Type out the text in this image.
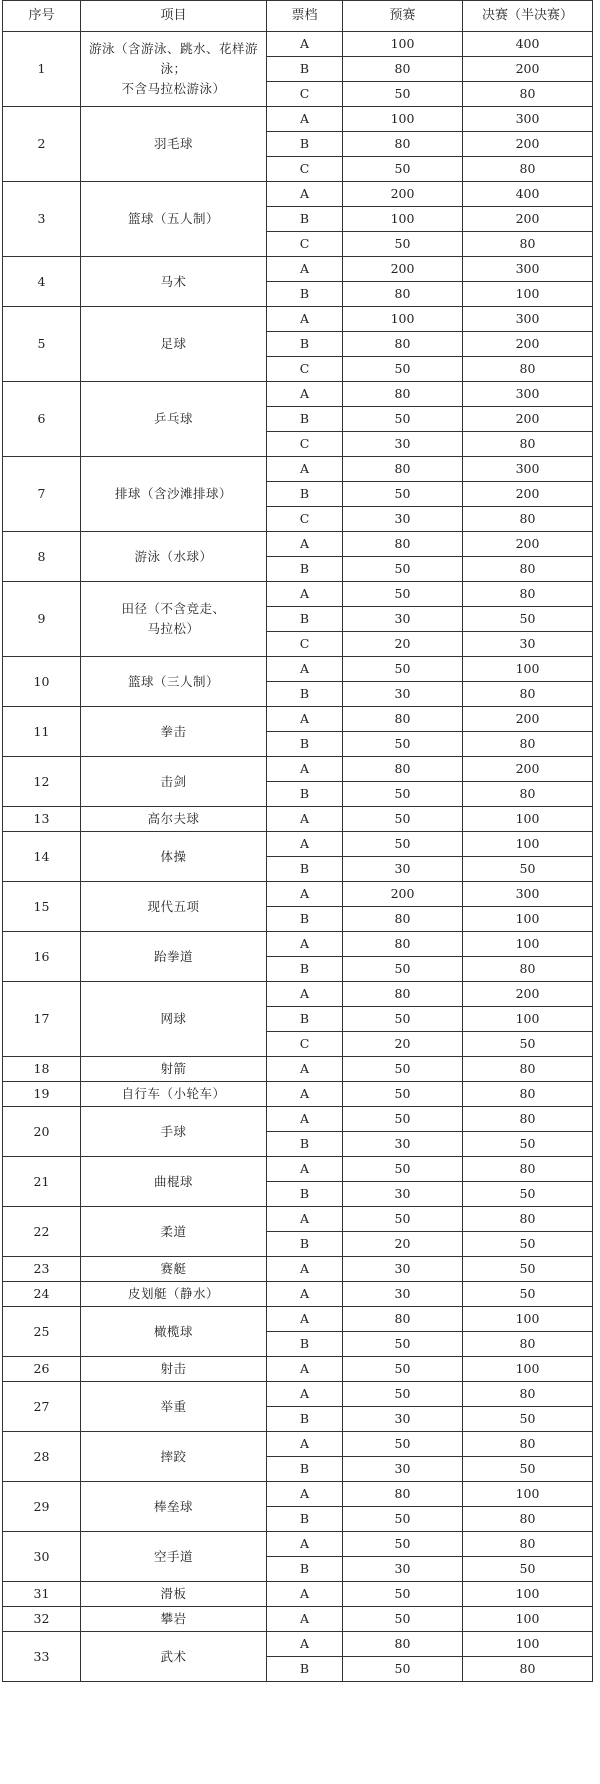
序号	项目	票档	预赛	决赛（半决赛）
1	游泳（含游泳、跳水、花样游泳；
不含马拉松游泳）	A	100	400
		B	80	200
		C	50	80
2	羽毛球	A	100	300
		B	80	200
		C	50	80
3	篮球（五人制）	A	200	400
		B	100	200
		C	50	80
4	马术	A	200	300
		B	80	100
5	足球	A	100	300
		B	80	200
		C	50	80
6	乒乓球	A	80	300
		B	50	200
		C	30	80
7	排球（含沙滩排球）	A	80	300
		B	50	200
		C	30	80
8	游泳（水球）	A	80	200
		B	50	80
9	田径（不含竞走、
马拉松）	A	50	80
		B	30	50
		C	20	30
10	篮球（三人制）	A	50	100
		B	30	80
11	拳击	A	80	200
		B	50	80
12	击剑	A	80	200
		B	50	80
13	高尔夫球	A	50	100
14	体操	A	50	100
		B	30	50
15	现代五项	A	200	300
		B	80	100
16	跆拳道	A	80	100
		B	50	80
17	网球	A	80	200
		B	50	100
		C	20	50
18	射箭	A	50	80
19	自行车（小轮车）	A	50	80
20	手球	A	50	80
		B	30	50
21	曲棍球	A	50	80
		B	30	50
22	柔道	A	50	80
		B	20	50
23	赛艇	A	30	50
24	皮划艇（静水）	A	30	50
25	橄榄球	A	80	100
		B	50	80
26	射击	A	50	100
27	举重	A	50	80
		B	30	50
28	摔跤	A	50	80
		B	30	50
29	棒垒球	A	80	100
		B	50	80
30	空手道	A	50	80
		B	30	50
31	滑板	A	50	100
32	攀岩	A	50	100
33	武术	A	80	100
		B	50	80
